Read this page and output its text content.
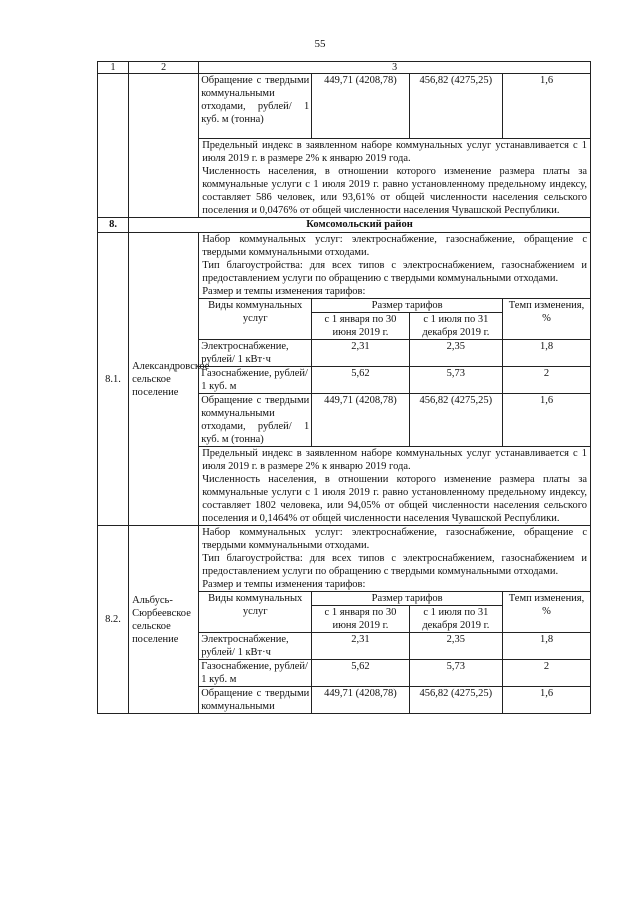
55
1	2	3

Обращение с твердыми коммунальными отходами, рублей/ 1 куб. м (тонна)	449,71 (4208,78)	456,82 (4275,25)	1,6
Предельный индекс в заявленном наборе коммунальных услуг устанавливается с 1 июля 2019 г. в размере 2% к январю 2019 года.
Численность населения, в отношении которого изменение размера платы за коммунальные услуги с 1 июля 2019 г. равно установленному предельному индексу, составляет 586 человек, или 93,61% от общей численности населения сельского поселения и 0,0476% от общей численности населения Чувашской Республики.

8.	Комсомольский район
8.1.	Александровское сельское поселение	
Набор коммунальных услуг: электроснабжение, газоснабжение, обращение с твердыми коммунальными отходами.
Тип благоустройства: для всех типов с электроснабжением, газоснабжением и предоставлением услуги по обращению с твердыми коммунальными отходами.
Размер и темпы изменения тарифов:
Виды коммунальных услуг	Размер тарифов	Темп изменения, %
с 1 января по 30 июня 2019 г.	с 1 июля по 31 декабря 2019 г.
Электроснабжение, рублей/ 1 кВт·ч	2,31	2,35	1,8
Газоснабжение, рублей/ 1 куб. м	5,62	5,73	2
Обращение с твердыми коммунальными отходами, рублей/ 1 куб. м (тонна)	449,71 (4208,78)	456,82 (4275,25)	1,6
Предельный индекс в заявленном наборе коммунальных услуг устанавливается с 1 июля 2019 г. в размере 2% к январю 2019 года.
Численность населения, в отношении которого изменение размера платы за коммунальные услуги с 1 июля 2019 г. равно установленному предельному индексу, составляет 1802 человека, или 94,05% от общей численности населения сельского поселения и 0,1464% от общей численности населения Чувашской Республики.

8.2.	Альбусь-Сюрбеевское сельское поселение	
Набор коммунальных услуг: электроснабжение, газоснабжение, обращение с твердыми коммунальными отходами.
Тип благоустройства: для всех типов с электроснабжением, газоснабжением и предоставлением услуги по обращению с твердыми коммунальными отходами.
Размер и темпы изменения тарифов:
Виды коммунальных услуг	Размер тарифов	Темп изменения, %
с 1 января по 30 июня 2019 г.	с 1 июля по 31 декабря 2019 г.
Электроснабжение, рублей/ 1 кВт·ч	2,31	2,35	1,8
Газоснабжение, рублей/ 1 куб. м	5,62	5,73	2
Обращение с твердыми коммунальными	449,71 (4208,78)	456,82 (4275,25)	1,6
